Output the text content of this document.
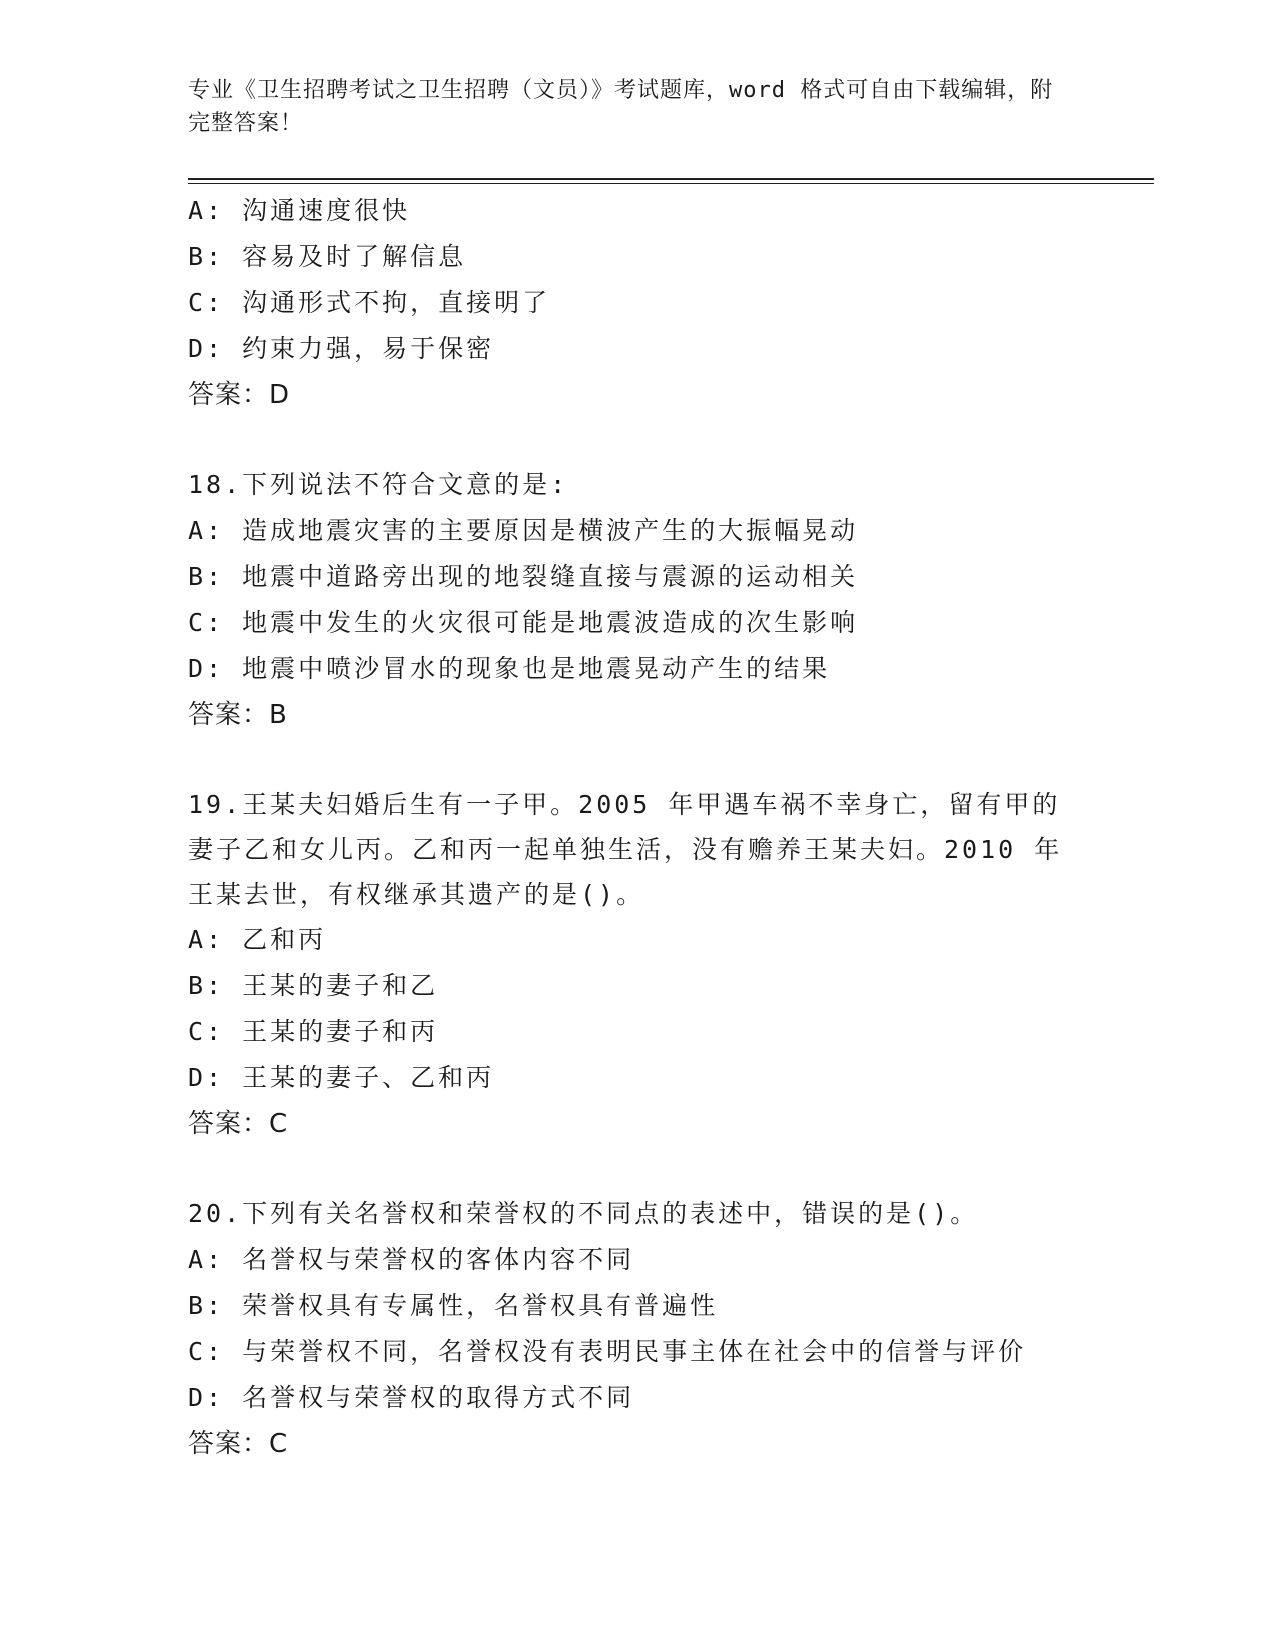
专业《卫生招聘考试之卫生招聘（文员）》考试题库，word 格式可自由下载编辑，附完整答案！
A: 沟通速度很快
B: 容易及时了解信息
C: 沟通形式不拘，直接明了
D: 约束力强，易于保密
答案：D
18.下列说法不符合文意的是:
A: 造成地震灾害的主要原因是横波产生的大振幅晃动
B: 地震中道路旁出现的地裂缝直接与震源的运动相关
C: 地震中发生的火灾很可能是地震波造成的次生影响
D: 地震中喷沙冒水的现象也是地震晃动产生的结果
答案：B
19.王某夫妇婚后生有一子甲。2005 年甲遇车祸不幸身亡，留有甲的妻子乙和女儿丙。乙和丙一起单独生活，没有赡养王某夫妇。2010 年王某去世，有权继承其遗产的是()。
A: 乙和丙
B: 王某的妻子和乙
C: 王某的妻子和丙
D: 王某的妻子、乙和丙
答案：C
20.下列有关名誉权和荣誉权的不同点的表述中，错误的是()。
A: 名誉权与荣誉权的客体内容不同
B: 荣誉权具有专属性，名誉权具有普遍性
C: 与荣誉权不同，名誉权没有表明民事主体在社会中的信誉与评价
D: 名誉权与荣誉权的取得方式不同
答案：C
